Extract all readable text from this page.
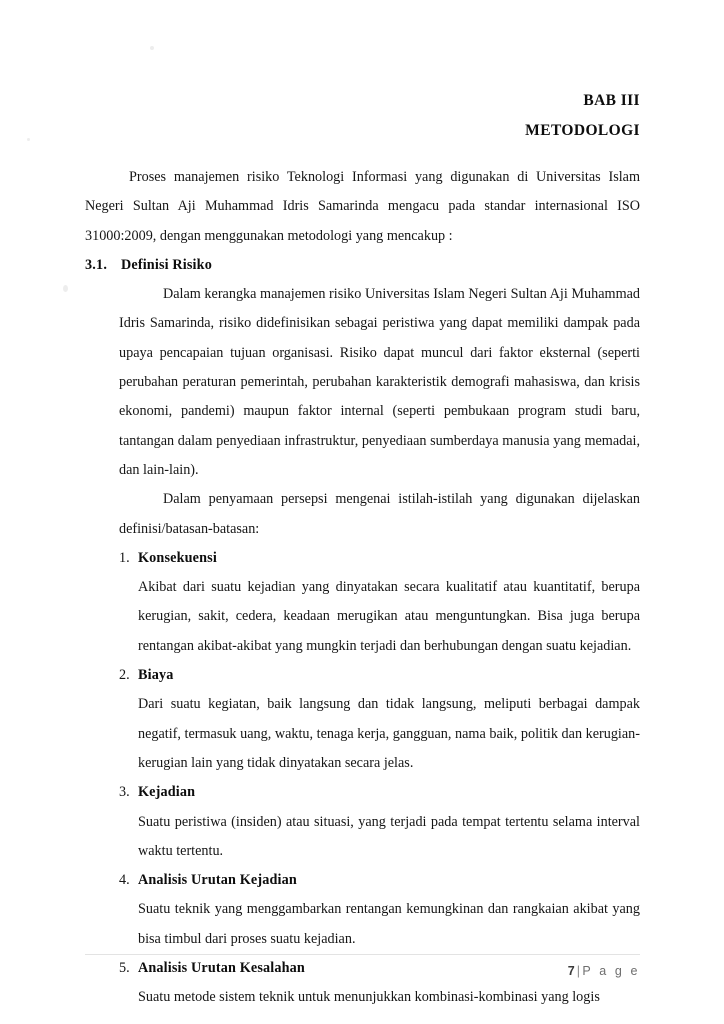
BAB III
METODOLOGI

Proses manajemen risiko Teknologi Informasi yang digunakan di Universitas Islam Negeri Sultan Aji Muhammad Idris Samarinda mengacu pada standar internasional ISO 31000:2009, dengan menggunakan metodologi yang mencakup :

3.1. Definisi Risiko

Dalam kerangka manajemen risiko Universitas Islam Negeri Sultan Aji Muhammad Idris Samarinda, risiko didefinisikan sebagai peristiwa yang dapat memiliki dampak pada upaya pencapaian tujuan organisasi. Risiko dapat muncul dari faktor eksternal (seperti perubahan peraturan pemerintah, perubahan karakteristik demografi mahasiswa, dan krisis ekonomi, pandemi) maupun faktor internal (seperti pembukaan program studi baru, tantangan dalam penyediaan infrastruktur, penyediaan sumberdaya manusia yang memadai, dan lain-lain).

Dalam penyamaan persepsi mengenai istilah-istilah yang digunakan dijelaskan definisi/batasan-batasan:

1. Konsekuensi

Akibat dari suatu kejadian yang dinyatakan secara kualitatif atau kuantitatif, berupa kerugian, sakit, cedera, keadaan merugikan atau menguntungkan. Bisa juga berupa rentangan akibat-akibat yang mungkin terjadi dan berhubungan dengan suatu kejadian.

2. Biaya

Dari suatu kegiatan, baik langsung dan tidak langsung, meliputi berbagai dampak negatif, termasuk uang, waktu, tenaga kerja, gangguan, nama baik, politik dan kerugian-kerugian lain yang tidak dinyatakan secara jelas.

3. Kejadian

Suatu peristiwa (insiden) atau situasi, yang terjadi pada tempat tertentu selama interval waktu tertentu.

4. Analisis Urutan Kejadian

Suatu teknik yang menggambarkan rentangan kemungkinan dan rangkaian akibat yang bisa timbul dari proses suatu kejadian.

5. Analisis Urutan Kesalahan

Suatu metode sistem teknik untuk menunjukkan kombinasi-kombinasi yang logis

7 | P a g e
